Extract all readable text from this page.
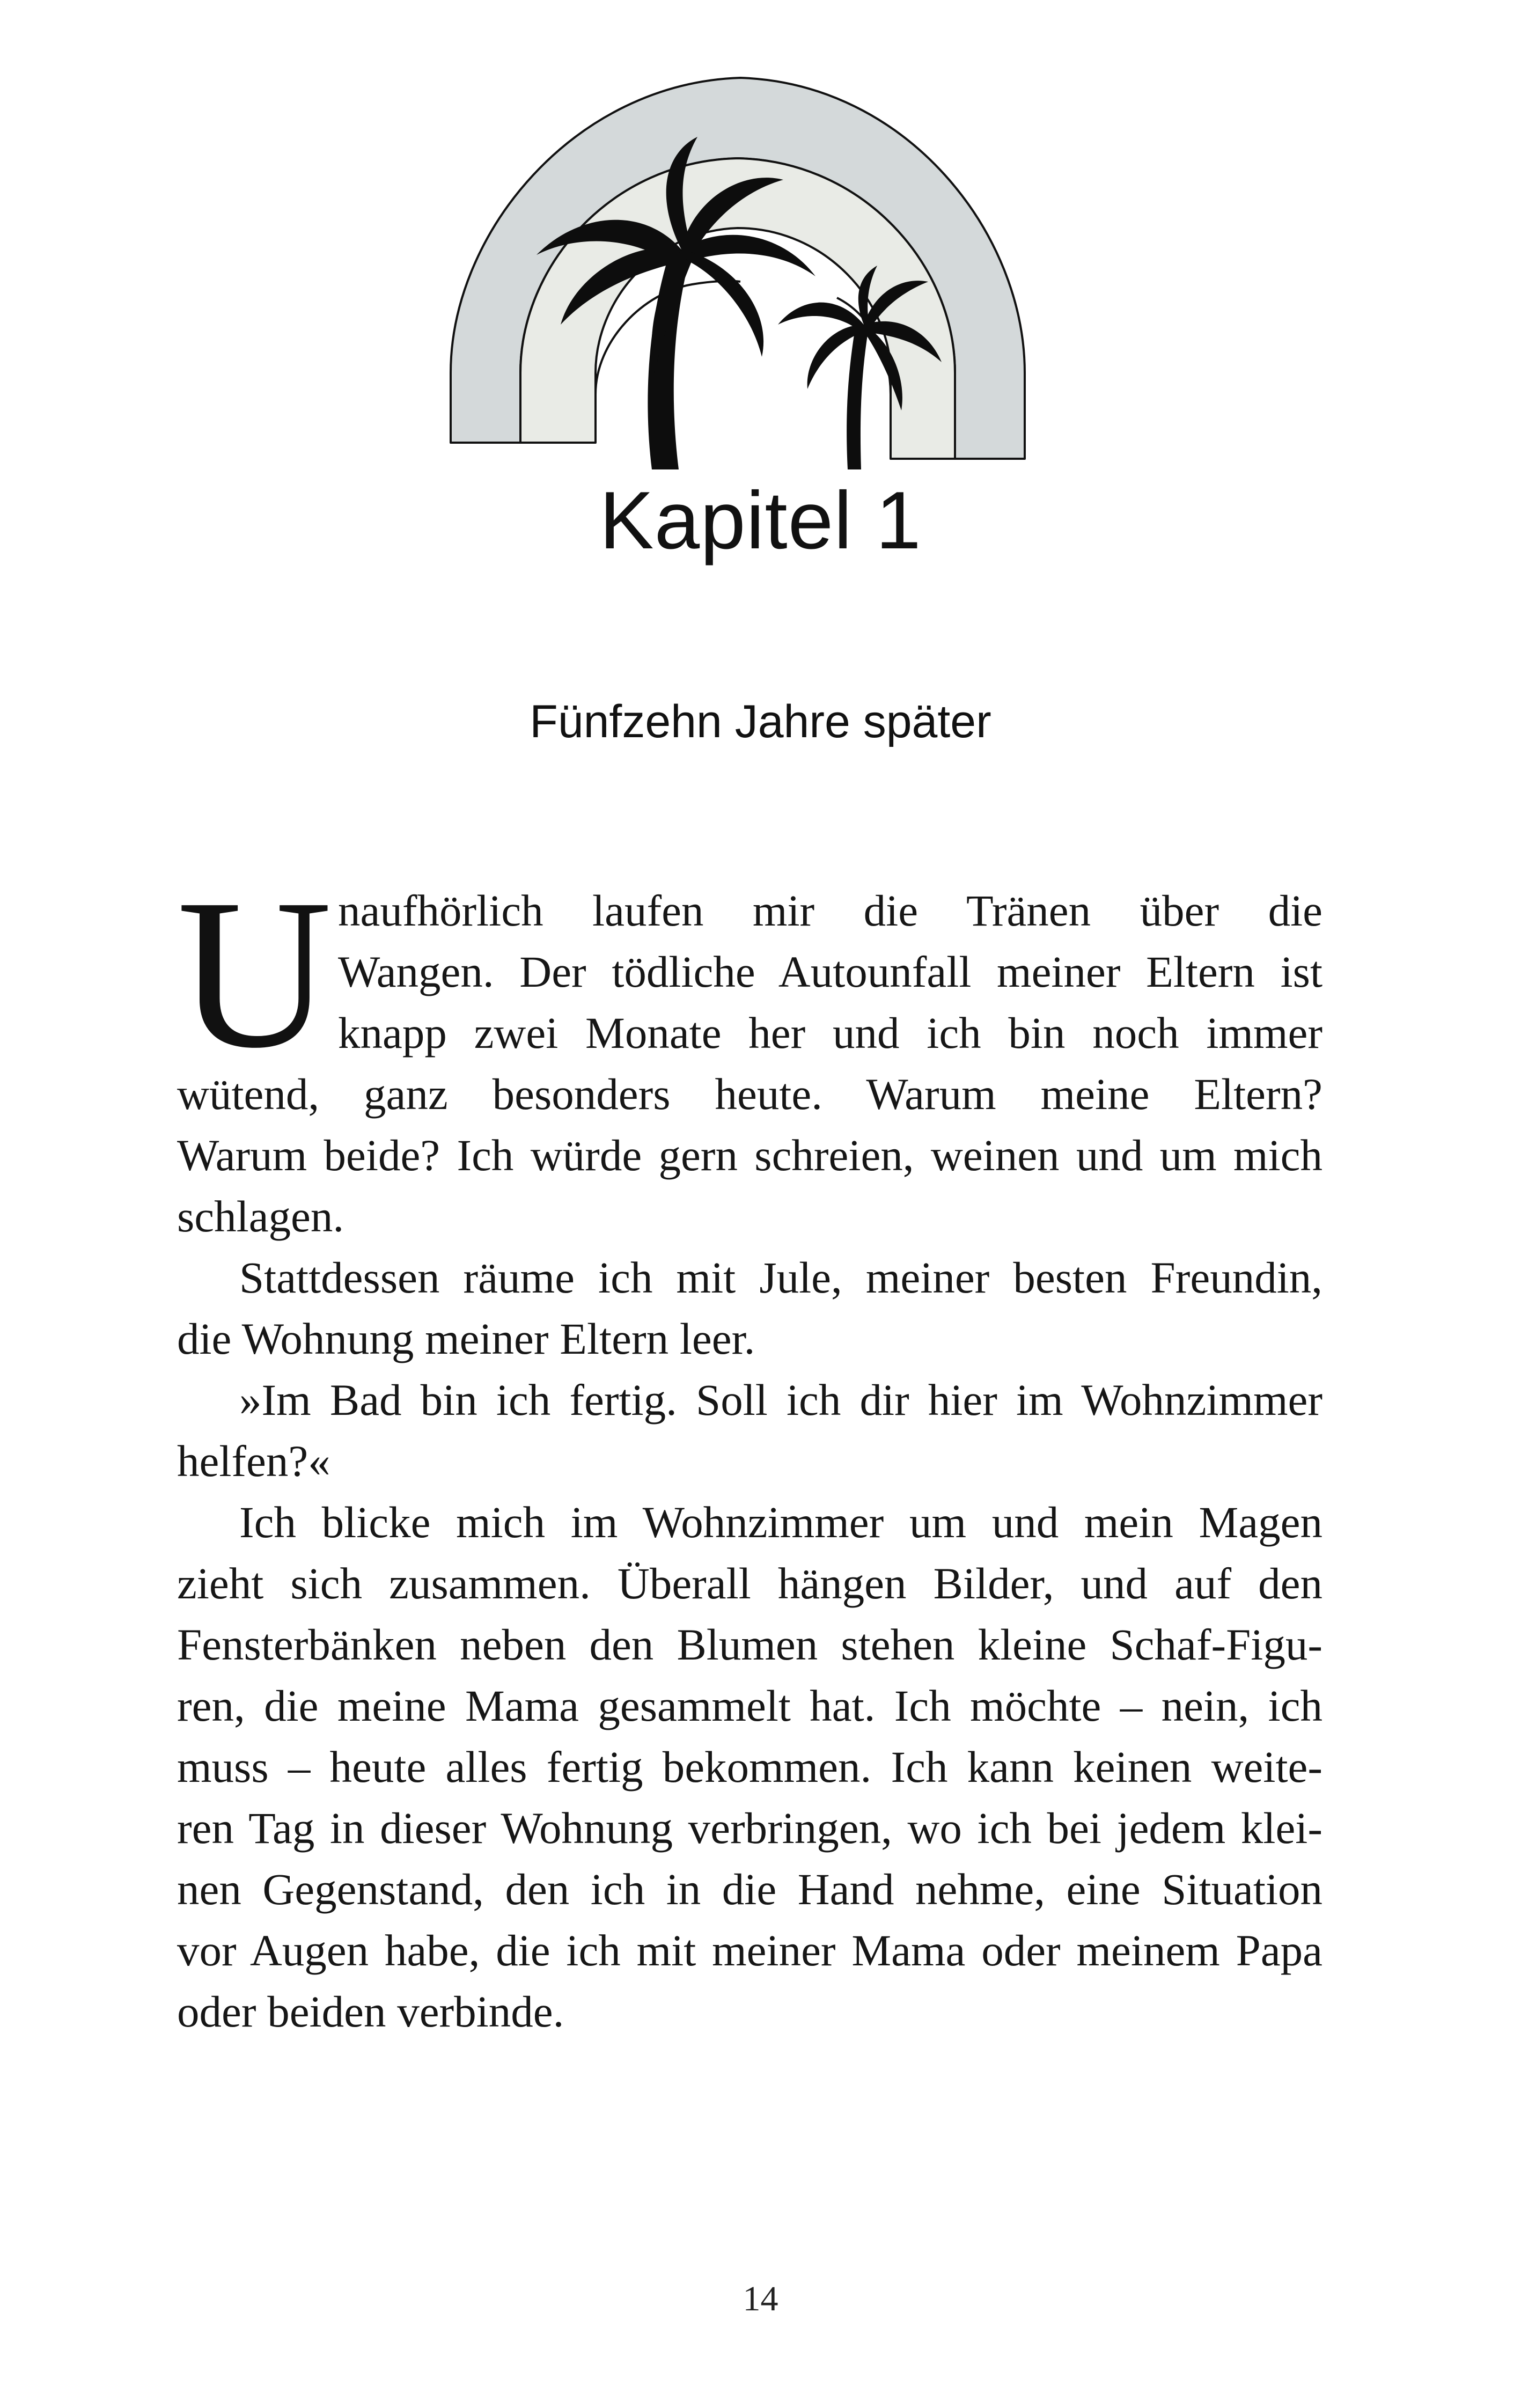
Kapitel 1
Fünfzehn Jahre später
U naufhörlich laufen mir die Tränen über die
Wangen. Der tödliche Autounfall meiner Eltern ist
knapp zwei Monate her und ich bin noch immer
wütend, ganz besonders heute. Warum meine Eltern?
Warum beide? Ich würde gern schreien, weinen und um mich
schlagen.
Stattdessen räume ich mit Jule, meiner besten Freundin,
die Wohnung meiner Eltern leer.
»Im Bad bin ich fertig. Soll ich dir hier im Wohnzimmer
helfen?«
Ich blicke mich im Wohnzimmer um und mein Magen
zieht sich zusammen. Überall hängen Bilder, und auf den
Fensterbänken neben den Blumen stehen kleine Schaf-Figu-
ren, die meine Mama gesammelt hat. Ich möchte – nein, ich
muss – heute alles fertig bekommen. Ich kann keinen weite-
ren Tag in dieser Wohnung verbringen, wo ich bei jedem klei-
nen Gegenstand, den ich in die Hand nehme, eine Situation
vor Augen habe, die ich mit meiner Mama oder meinem Papa
oder beiden verbinde.
14
